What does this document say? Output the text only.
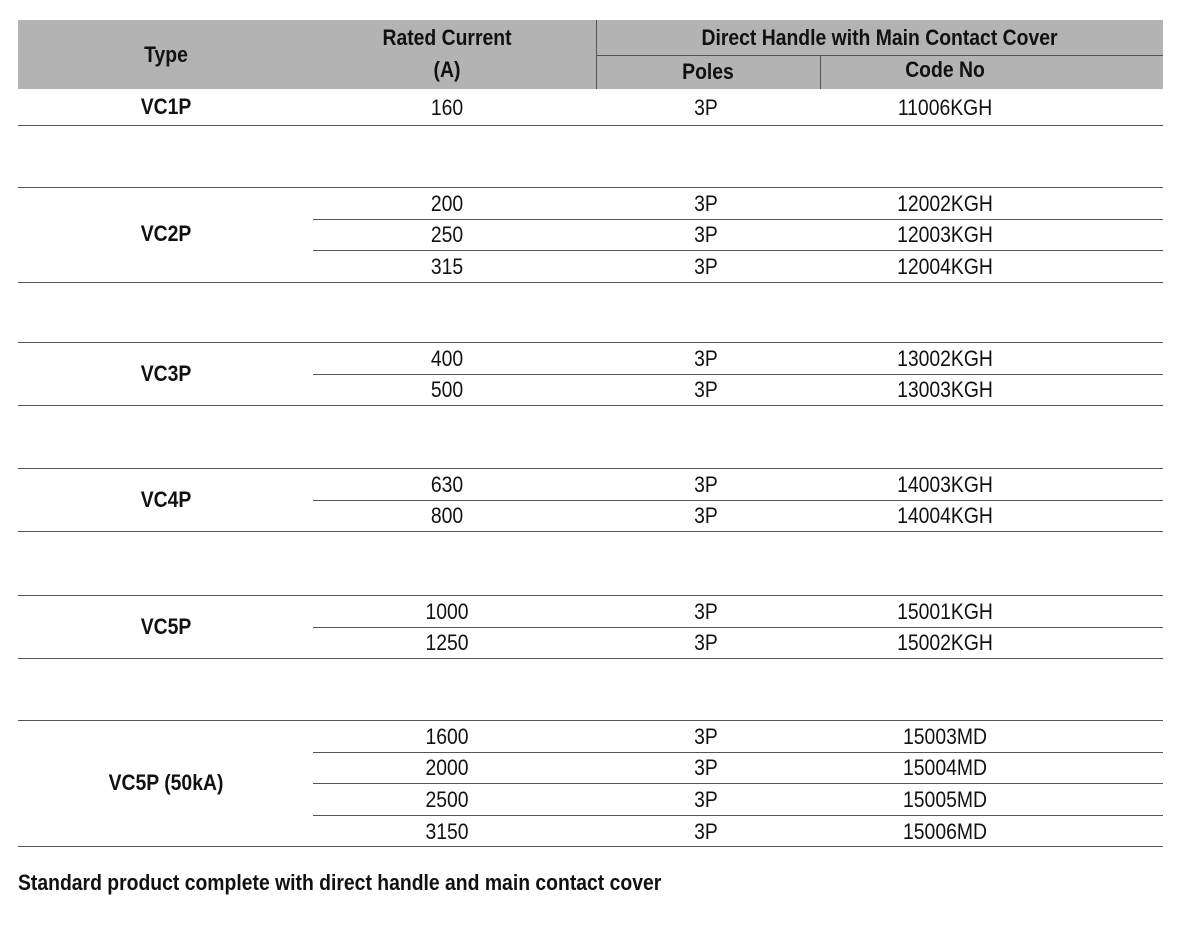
Type
Rated Current
(A)
Direct Handle with Main Contact Cover
Poles	Code No
VC1P	160	3P	11006KGH
VC2P
200	3P	12002KGH
250	3P	12003KGH
315	3P	12004KGH
VC3P
400	3P	13002KGH
500	3P	13003KGH
VC4P
630	3P	14003KGH
800	3P	14004KGH
VC5P
1000	3P	15001KGH
1250	3P	15002KGH
VC5P (50kA)
1600	3P	15003MD
2000	3P	15004MD
2500	3P	15005MD
3150	3P	15006MD
Standard product complete with direct handle and main contact cover
